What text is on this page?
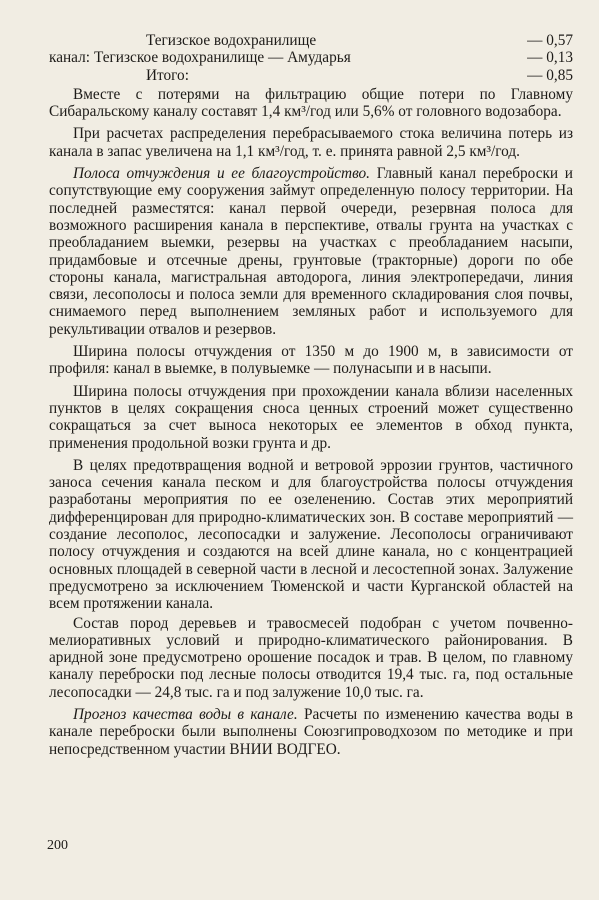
	Тегизское водохранилище	— 0,57
канал:	Тегизское водохранилище — Амударья	— 0,13
	Итого:	— 0,85

Вместе с потерями на фильтрацию общие потери по Главному Сибаральскому каналу составят 1,4 км³/год или 5,6% от головного водозабора.

При расчетах распределения перебрасываемого стока величина потерь из канала в запас увеличена на 1,1 км³/год, т. е. принята равной 2,5 км³/год.

Полоса отчуждения и ее благоустройство. Главный канал переброски и сопутствующие ему сооружения займут определенную полосу территории. На последней разместятся: канал первой очереди, резервная полоса для возможного расширения канала в перспективе, отвалы грунта на участках с преобладанием выемки, резервы на участках с преобладанием насыпи, придамбовые и отсечные дрены, грунтовые (тракторные) дороги по обе стороны канала, магистральная автодорога, линия электропередачи, линия связи, лесополосы и полоса земли для временного складирования слоя почвы, снимаемого перед выполнением земляных работ и используемого для рекультивации отвалов и резервов.

Ширина полосы отчуждения от 1350 м до 1900 м, в зависимости от профиля: канал в выемке, в полувыемке — полунасыпи и в насыпи.

Ширина полосы отчуждения при прохождении канала вблизи населенных пунктов в целях сокращения сноса ценных строений может существенно сокращаться за счет выноса некоторых ее элементов в обход пункта, применения продольной возки грунта и др.

В целях предотвращения водной и ветровой эррозии грунтов, частичного заноса сечения канала песком и для благоустройства полосы отчуждения разработаны мероприятия по ее озеленению. Состав этих мероприятий дифференцирован для природно-климатических зон. В составе мероприятий — создание лесополос, лесопосадки и залужение. Лесополосы ограничивают полосу отчуждения и создаются на всей длине канала, но с концентрацией основных площадей в северной части в лесной и лесостепной зонах. Залужение предусмотрено за исключением Тюменской и части Курганской областей на всем протяжении канала.

Состав пород деревьев и травосмесей подобран с учетом почвенно-мелиоративных условий и природно-климатического районирования. В аридной зоне предусмотрено орошение посадок и трав. В целом, по главному каналу переброски под лесные полосы отводится 19,4 тыс. га, под остальные лесопосадки — 24,8 тыс. га и под залужение 10,0 тыс. га.

Прогноз качества воды в канале. Расчеты по изменению качества воды в канале переброски были выполнены Союзгипроводхозом по методике и при непосредственном участии ВНИИ ВОДГЕО.

200
